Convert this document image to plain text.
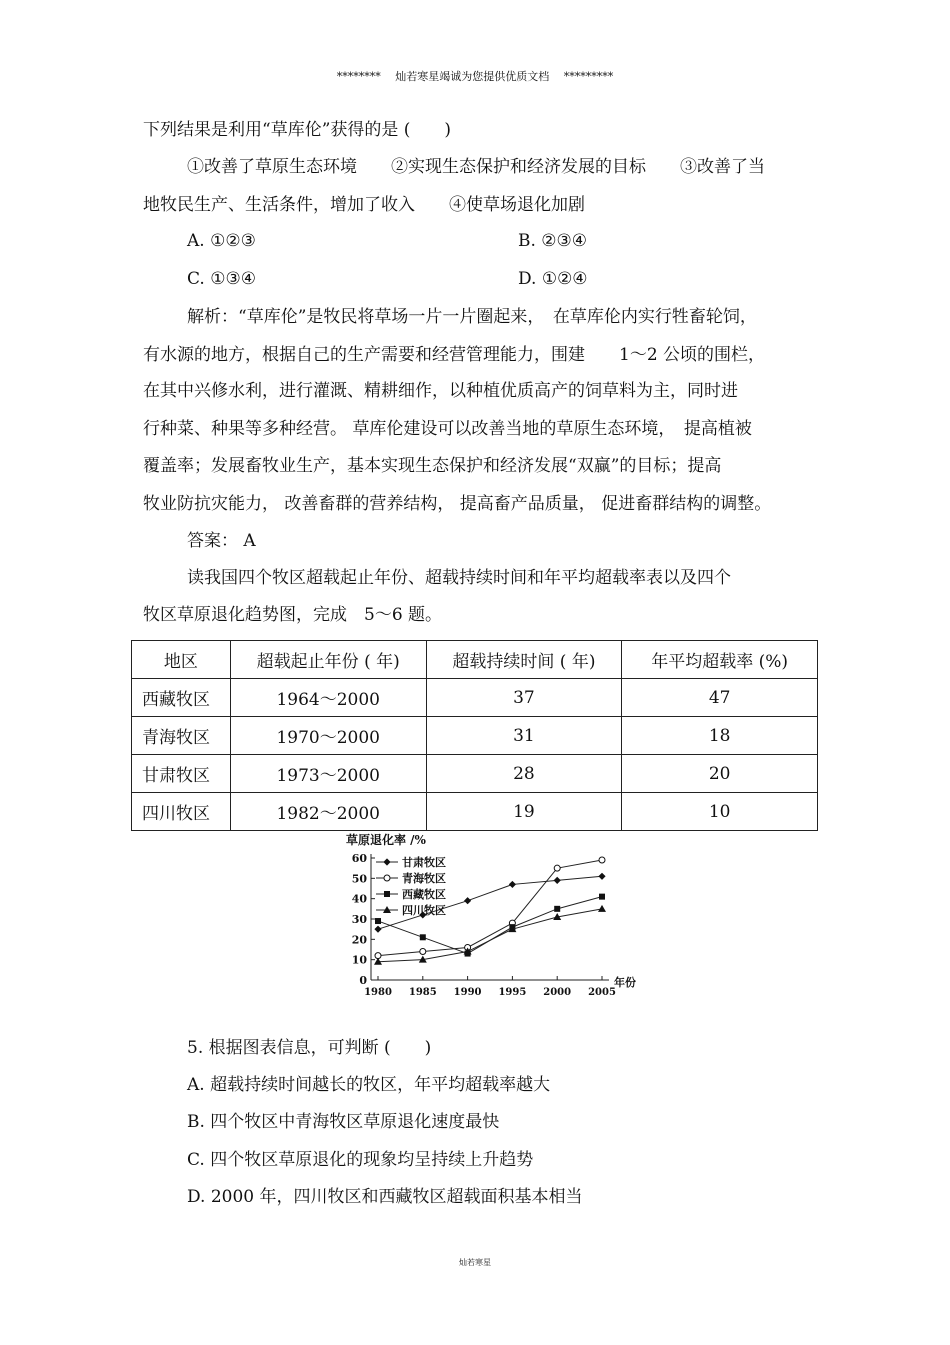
********　 灿若寒星竭诚为您提供优质文档　 *********
下列结果是利用“草库伦”获得的是 (　　)
①改善了草原生态环境　　②实现生态保护和经济发展的目标　　③改善了当
地牧民生产、生活条件，增加了收入　　④使草场退化加剧
A. ①②③	B. ②③④
C. ①③④	D. ①②④
解析：“草库伦”是牧民将草场一片一片圈起来，　在草库伦内实行牲畜轮饲，
有水源的地方，根据自己的生产需要和经营管理能力，围建　　1～2 公顷的围栏，
在其中兴修水利，进行灌溉、精耕细作，以种植优质高产的饲草料为主，同时进
行种菜、种果等多种经营。 草库伦建设可以改善当地的草原生态环境，　提高植被
覆盖率；发展畜牧业生产，基本实现生态保护和经济发展“双赢”的目标；提高
牧业防抗灾能力， 改善畜群的营养结构， 提高畜产品质量， 促进畜群结构的调整。
答案： A
读我国四个牧区超载起止年份、超载持续时间和年平均超载率表以及四个
牧区草原退化趋势图，完成　5～6 题。
地区	超载起止年份 ( 年)	超载持续时间 ( 年)	年平均超载率 (%)
西藏牧区	1964～2000	37	47
青海牧区	1970～2000	31	18
甘肃牧区	1973～2000	28	20
四川牧区	1982～2000	19	10
0
10
20
30
40
50
60
1980 1985 1990 1995 2000 2005
草原退化率 /%
年份
甘肃牧区
青海牧区
西藏牧区
四川牧区
5. 根据图表信息，可判断 (　　)
A. 超载持续时间越长的牧区，年平均超载率越大
B. 四个牧区中青海牧区草原退化速度最快
C. 四个牧区草原退化的现象均呈持续上升趋势
D. 2000 年，四川牧区和西藏牧区超载面积基本相当
灿若寒星
